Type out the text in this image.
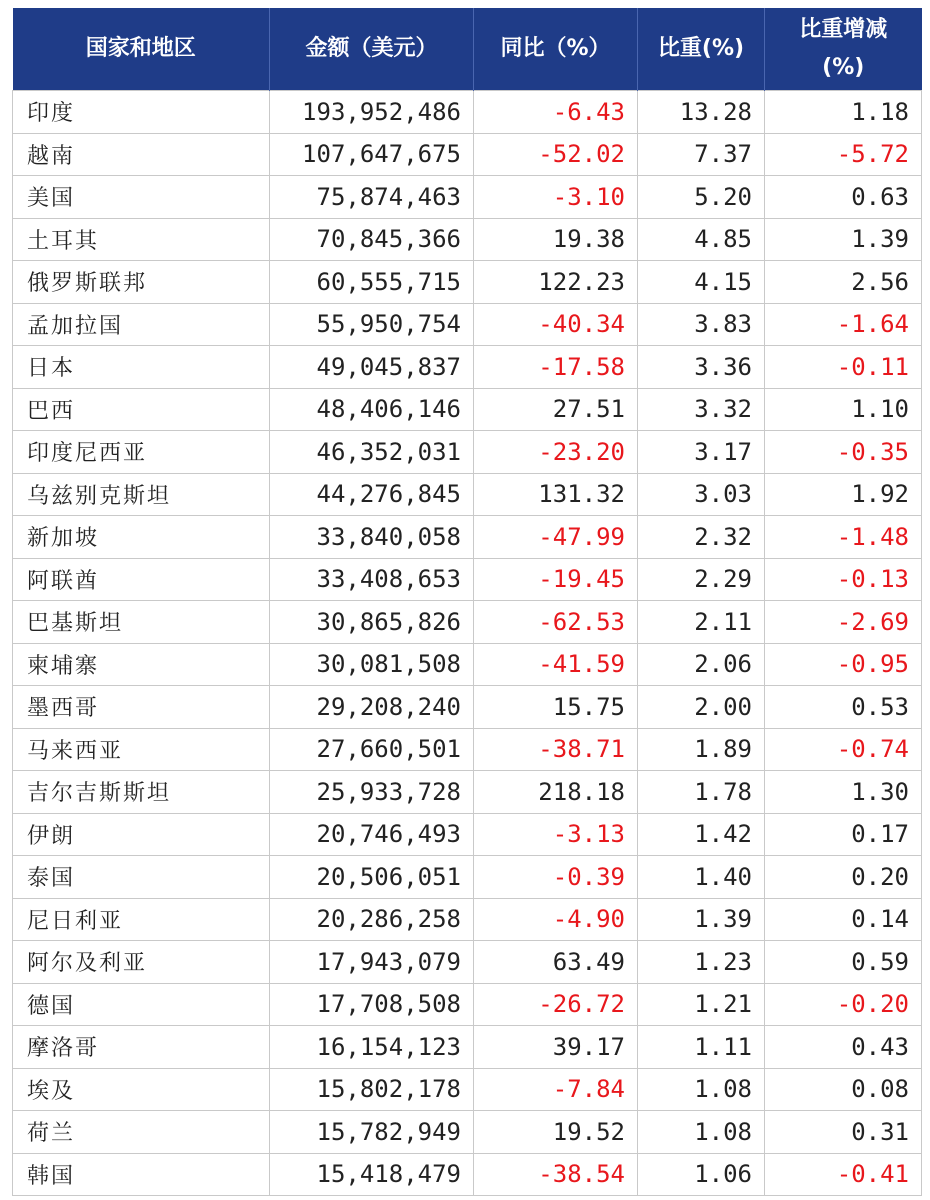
国家和地区	金额（美元）	同比（%）	比重(%)	比重增减
(%)
印度	193,952,486	-6.43	13.28	1.18
越南	107,647,675	-52.02	7.37	-5.72
美国	75,874,463	-3.10	5.20	0.63
土耳其	70,845,366	19.38	4.85	1.39
俄罗斯联邦	60,555,715	122.23	4.15	2.56
孟加拉国	55,950,754	-40.34	3.83	-1.64
日本	49,045,837	-17.58	3.36	-0.11
巴西	48,406,146	27.51	3.32	1.10
印度尼西亚	46,352,031	-23.20	3.17	-0.35
乌兹别克斯坦	44,276,845	131.32	3.03	1.92
新加坡	33,840,058	-47.99	2.32	-1.48
阿联酋	33,408,653	-19.45	2.29	-0.13
巴基斯坦	30,865,826	-62.53	2.11	-2.69
柬埔寨	30,081,508	-41.59	2.06	-0.95
墨西哥	29,208,240	15.75	2.00	0.53
马来西亚	27,660,501	-38.71	1.89	-0.74
吉尔吉斯斯坦	25,933,728	218.18	1.78	1.30
伊朗	20,746,493	-3.13	1.42	0.17
泰国	20,506,051	-0.39	1.40	0.20
尼日利亚	20,286,258	-4.90	1.39	0.14
阿尔及利亚	17,943,079	63.49	1.23	0.59
德国	17,708,508	-26.72	1.21	-0.20
摩洛哥	16,154,123	39.17	1.11	0.43
埃及	15,802,178	-7.84	1.08	0.08
荷兰	15,782,949	19.52	1.08	0.31
韩国	15,418,479	-38.54	1.06	-0.41
